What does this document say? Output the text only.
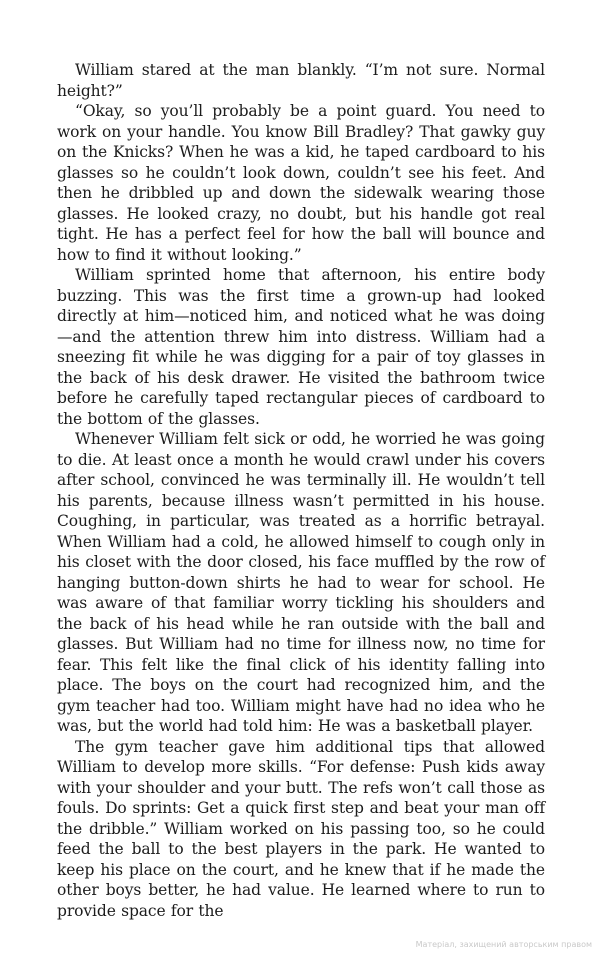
William stared at the man blankly. “I’m not sure. Normal height?”

“Okay, so you’ll probably be a point guard. You need to work on your handle. You know Bill Bradley? That gawky guy on the Knicks? When he was a kid, he taped cardboard to his glasses so he couldn’t look down, couldn’t see his feet. And then he dribbled up and down the sidewalk wearing those glasses. He looked crazy, no doubt, but his handle got real tight. He has a perfect feel for how the ball will bounce and how to find it without looking.”

William sprinted home that afternoon, his entire body buzzing. This was the first time a grown-up had looked directly at him—noticed him, and noticed what he was doing—and the attention threw him into distress. William had a sneezing fit while he was digging for a pair of toy glasses in the back of his desk drawer. He visited the bathroom twice before he carefully taped rectangular pieces of cardboard to the bottom of the glasses.

Whenever William felt sick or odd, he worried he was going to die. At least once a month he would crawl under his covers after school, convinced he was terminally ill. He wouldn’t tell his parents, because illness wasn’t permitted in his house. Coughing, in particular, was treated as a horrific betrayal. When William had a cold, he allowed himself to cough only in his closet with the door closed, his face muffled by the row of hanging button-down shirts he had to wear for school. He was aware of that familiar worry tickling his shoulders and the back of his head while he ran outside with the ball and glasses. But William had no time for illness now, no time for fear. This felt like the final click of his identity falling into place. The boys on the court had recognized him, and the gym teacher had too. William might have had no idea who he was, but the world had told him: He was a basketball player.

The gym teacher gave him additional tips that allowed William to develop more skills. “For defense: Push kids away with your shoulder and your butt. The refs won’t call those as fouls. Do sprints: Get a quick first step and beat your man off the dribble.” William worked on his passing too, so he could feed the ball to the best players in the park. He wanted to keep his place on the court, and he knew that if he made the other boys better, he had value. He learned where to run to provide space for the

Матеріал, захищений авторським правом
